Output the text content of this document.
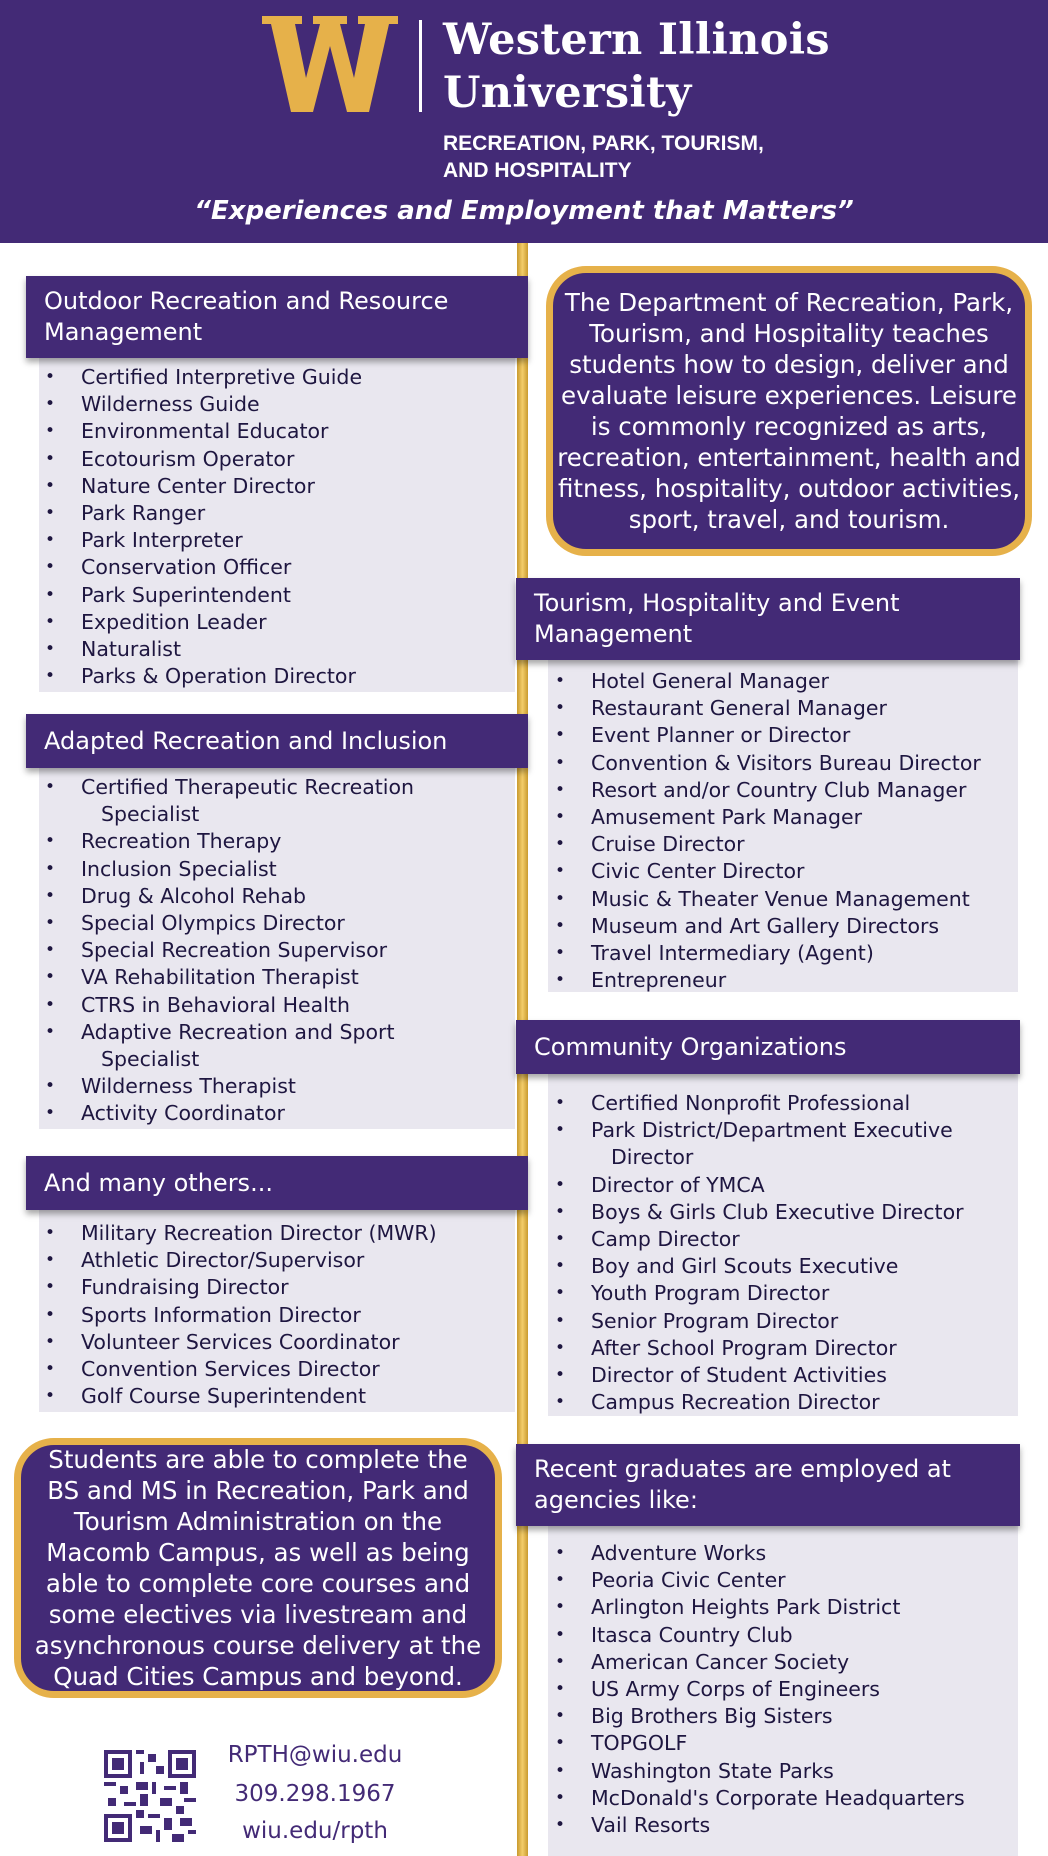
Western Illinois
University
RECREATION, PARK, TOURISM,
AND HOSPITALITY
“Experiences and Employment that Matters”
Outdoor Recreation and Resource
Management
• Certified Interpretive Guide
• Wilderness Guide
• Environmental Educator
• Ecotourism Operator
• Nature Center Director
• Park Ranger
• Park Interpreter
• Conservation Officer
• Park Superintendent
• Expedition Leader
• Naturalist
• Parks & Operation Director
Adapted Recreation and Inclusion
• Certified Therapeutic Recreation
Specialist
• Recreation Therapy
• Inclusion Specialist
• Drug & Alcohol Rehab
• Special Olympics Director
• Special Recreation Supervisor
• VA Rehabilitation Therapist
• CTRS in Behavioral Health
• Adaptive Recreation and Sport
Specialist
• Wilderness Therapist
• Activity Coordinator
And many others...
• Military Recreation Director (MWR)
• Athletic Director/Supervisor
• Fundraising Director
• Sports Information Director
• Volunteer Services Coordinator
• Convention Services Director
• Golf Course Superintendent

Students are able to complete the
BS and MS in Recreation, Park and
Tourism Administration on the
Macomb Campus, as well as being
able to complete core courses and
some electives via livestream and
asynchronous course delivery at the
Quad Cities Campus and beyond.

RPTH@wiu.edu
309.298.1967
wiu.edu/rpth

The Department of Recreation, Park,
Tourism, and Hospitality teaches
students how to design, deliver and
evaluate leisure experiences. Leisure
is commonly recognized as arts,
recreation, entertainment, health and
fitness, hospitality, outdoor activities,
sport, travel, and tourism.

Tourism, Hospitality and Event
Management
• Hotel General Manager
• Restaurant General Manager
• Event Planner or Director
• Convention & Visitors Bureau Director
• Resort and/or Country Club Manager
• Amusement Park Manager
• Cruise Director
• Civic Center Director
• Music & Theater Venue Management
• Museum and Art Gallery Directors
• Travel Intermediary (Agent)
• Entrepreneur
Community Organizations
• Certified Nonprofit Professional
• Park District/Department Executive
Director
• Director of YMCA
• Boys & Girls Club Executive Director
• Camp Director
• Boy and Girl Scouts Executive
• Youth Program Director
• Senior Program Director
• After School Program Director
• Director of Student Activities
• Campus Recreation Director
Recent graduates are employed at
agencies like:
• Adventure Works
• Peoria Civic Center
• Arlington Heights Park District
• Itasca Country Club
• American Cancer Society
• US Army Corps of Engineers
• Big Brothers Big Sisters
• TOPGOLF
• Washington State Parks
• McDonald's Corporate Headquarters
• Vail Resorts
